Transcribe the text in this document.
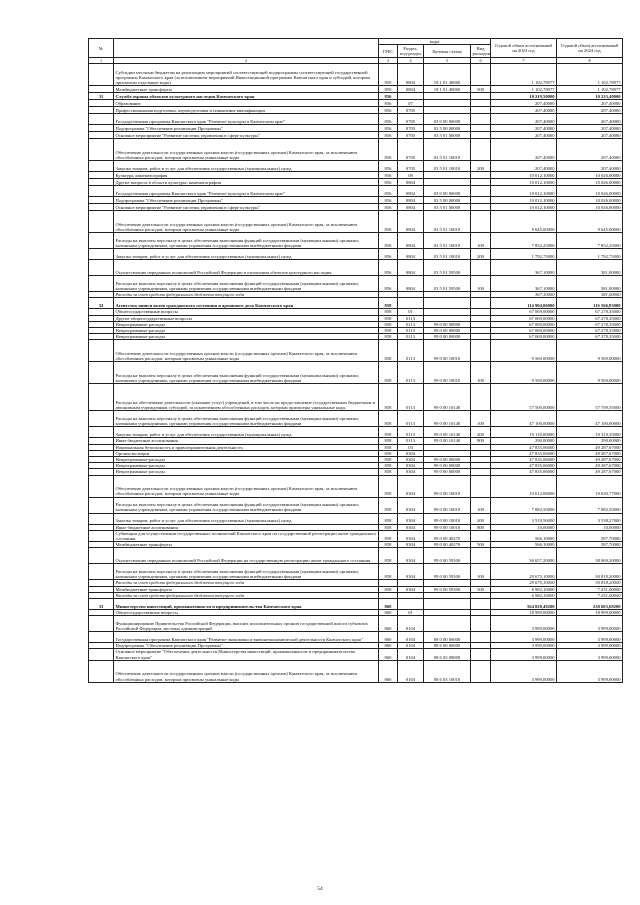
№		коды				Годовой объем ассигнований на 2023 год	Годовой объем ассигнований на 2024 год
		ГРБС	Раздел, под-раздел	Целевая статья	Вид расходов		
1	2	3	4	5	6	7	8
	Субсидии местным бюджетам на реализацию мероприятий соответствующей подпрограммы соответствующей государственной программы Камчатского края (за исключением мероприятий Инвестиционной программы Камчатского края и субсидий, которым присвоены отдельные коды)	850	0804	18 1 01 40060		1 102,78977	1 102,78977
	Межбюджетные трансферты	850	0804	18 1 01 40060	500	1 102,78977	1 102,78977
31	Служба охраны объектов культурного наследия Камчатского края	856				10 219,50000	10 233,40000
	Образование	856	07			207,40000	207,40000
	Профессиональная подготовка, переподготовка и повышение квалификации	856	0705			207,40000	207,40000
	Государственная программа Камчатского края "Развитие культуры в Камчатском крае"	856	0705	03 0 00 00000		207,40000	207,40000
	Подпрограмма "Обеспечение реализации Программы"	856	0705	03 5 00 00000		207,40000	207,40000
	Основное мероприятие "Развитие системы управления в сфере культуры"	856	0705	03 5 01 00000		207,40000	207,40000
	Обеспечение деятельности государственных органов власти (государственных органов) Камчатского края, за исключением обособленных расходов, которым присвоены уникальные коды	856	0705	03 5 01 10010		207,40000	207,40000
	Закупка товаров, работ и услуг для обеспечения государственных (муниципальных) нужд	856	0705	03 5 01 10010	200	207,40000	207,40000
	Культура, кинематография	856	08			10 012,10000	10 026,00000
	Другие вопросы в области культуры, кинематографии	856	0804			10 012,10000	10 026,00000
	Государственная программа Камчатского края "Развитие культуры в Камчатском крае"	856	0804	03 0 00 00000		10 012,10000	10 026,00000
	Подпрограмма "Обеспечение реализации Программы"	856	0804	03 5 00 00000		10 012,10000	10 026,00000
	Основное мероприятие "Развитие системы управления в сфере культуры"	856	0804	03 5 01 00000		10 012,10000	10 026,00000
	Обеспечение деятельности государственных органов власти (государственных органов) Камчатского края, за исключением обособленных расходов, которым присвоены уникальные коды	856	0804	03 5 01 10010		9 645,00000	9 645,00000
	Расходы на выплаты персоналу в целях обеспечения выполнения функций государственными (муниципальными) органами, казенными учреждениями, органами управления государственными внебюджетными фондами	856	0804	03 5 01 10010	100	7 852,25000	7 852,25000
	Закупка товаров, работ и услуг для обеспечения государственных (муниципальных) нужд	856	0804	03 5 01 10010	200	1 792,75000	1 792,75000
	Осуществление переданных полномочий Российской Федерации в отношении объектов культурного наследия	856	0804	03 5 01 59500		367,10000	381,00000
	Расходы на выплаты персоналу в целях обеспечения выполнения функций государственными (муниципальными) органами, казенными учреждениями, органами управления государственными внебюджетными фондами	856	0804	03 5 01 59500	100	367,10000	381,00000
	Расходы за счет средств федерального бюджета текущего года					367,10000	381,00000
32	Агентство записи актов гражданского состояния и архивного дела Камчатского края	858				114 904,06000	116 566,03000
	Общегосударственные вопросы	858	01			67 069,00000	67 278,35000
	Другие общегосударственные вопросы	858	0113			67 069,00000	67 278,35000
	Непрограммные расходы	858	0113	99 0 00 00000		67 069,00000	67 278,35000
	Непрограммные расходы	858	0113	99 0 00 00000		67 069,00000	67 278,35000
	Непрограммные расходы	858	0113	99 0 00 00000		67 069,00000	67 278,35000
	Обеспечение деятельности государственных органов власти (государственных органов) Камчатского края, за исключением обособленных расходов, которым присвоены уникальные коды	858	0113	99 0 00 10010		9 569,00000	9 569,00000
	Расходы на выплаты персоналу в целях обеспечения выполнения функций государственными (муниципальными) органами, казенными учреждениями, органами управления государственными внебюджетными фондами	858	0113	99 0 00 10010	100	9 569,00000	9 569,00000
	Расходы на обеспечение деятельности (оказание услуг) учреждений, в том числе на предоставление государственным бюджетным и автономным учреждениям субсидий, за исключением обособленных расходов, которым присвоены уникальные коды	858	0113	99 0 00 10140		57 500,00000	57 709,35000
	Расходы на выплаты персоналу в целях обеспечения выполнения функций государственными (муниципальными) органами, казенными учреждениями, органами управления государственными внебюджетными фондами	858	0113	99 0 00 10140	100	47 100,00000	47 100,00000
	Закупка товаров, работ и услуг для обеспечения государственных (муниципальных) нужд	858	0113	99 0 00 10140	200	10 110,00000	10 319,35000
	Иные бюджетные ассигнования	858	0113	99 0 00 10140	800	290,00000	290,00000
	Национальная безопасность и правоохранительная деятельность	858	03			47 835,06000	49 287,67000
	Органы юстиции	858	0304			47 835,06000	49 287,67000
	Непрограммные расходы	858	0304	99 0 00 00000		47 835,06000	49 287,67000
	Непрограммные расходы	858	0304	99 0 00 00000		47 835,06000	49 287,67000
	Непрограммные расходы	858	0304	99 0 00 00000		47 835,06000	49 287,67000
	Обеспечение деятельности государственных органов власти (государственных органов) Камчатского края, за исключением обособленных расходов, которым присвоены уникальные коды	858	0304	99 0 00 10010		10 612,06000	10 630,77000
	Расходы на выплаты персоналу в целях обеспечения выполнения функций государственными (муниципальными) органами, казенными учреждениями, органами управления государственными внебюджетными фондами	858	0304	99 0 00 10010	100	7 082,50000	7 082,50000
	Закупка товаров, работ и услуг для обеспечения государственных (муниципальных) нужд	858	0304	99 0 00 10010	200	3 519,56000	3 538,27000
	Иные бюджетные ассигнования	858	0304	99 0 00 10010	800	10,00000	10,00000
	Субвенции для осуществления государственных полномочий Камчатского края по государственной регистрации актов гражданского состояния	858	0304	99 0 00 40270		566,10000	587,70000
	Межбюджетные трансферты	858	0304	99 0 00 40270	500	566,10000	587,70000
	Осуществление переданных полномочий Российской Федерации на государственную регистрацию актов гражданского состояния	858	0304	99 0 00 59300		36 657,20000	38 069,20000
	Расходы на выплаты персоналу в целях обеспечения выполнения функций государственными (муниципальными) органами, казенными учреждениями, органами управления государственными внебюджетными фондами	858	0304	99 0 00 59300	100	29 675,10000	30 818,20000
	Расходы за счет средств федерального бюджета текущего года					29 675,10000	30 818,20000
	Межбюджетные трансферты	858	0304	99 0 00 59300	500	6 982,10000	7 251,00000
	Расходы за счет средств федерального бюджета текущего года					6 982,10000	7 251,00000
33	Министерство инвестиций, промышленности и предпринимательства Камчатского края	860				564 820,49200	230 603,69200
	Общегосударственные вопросы	860	01			18 999,00000	18 999,00000
	Функционирование Правительства Российской Федерации, высших исполнительных органов государственной власти субъектов Российской Федерации, местных администраций	860	0104			3 999,00000	3 999,00000
	Государственная программа Камчатского края "Развитие экономики и внешнеэкономической деятельности Камчатского края"	860	0104	08 0 00 00000		3 999,00000	3 999,00000
	Подпрограмма "Обеспечение реализации Программы"	860	0104	08 6 00 00000		3 999,00000	3 999,00000
	Основное мероприятие "Обеспечение деятельности Министерства инвестиций, промышленности и предпринимательства Камчатского края"	860	0104	08 6 03 00000		3 999,00000	3 999,00000
	Обеспечение деятельности государственных органов власти (государственных органов) Камчатского края, за исключением обособленных расходов, которым присвоены уникальные коды	860	0104	08 6 03 10010		3 999,00000	3 999,00000
54
